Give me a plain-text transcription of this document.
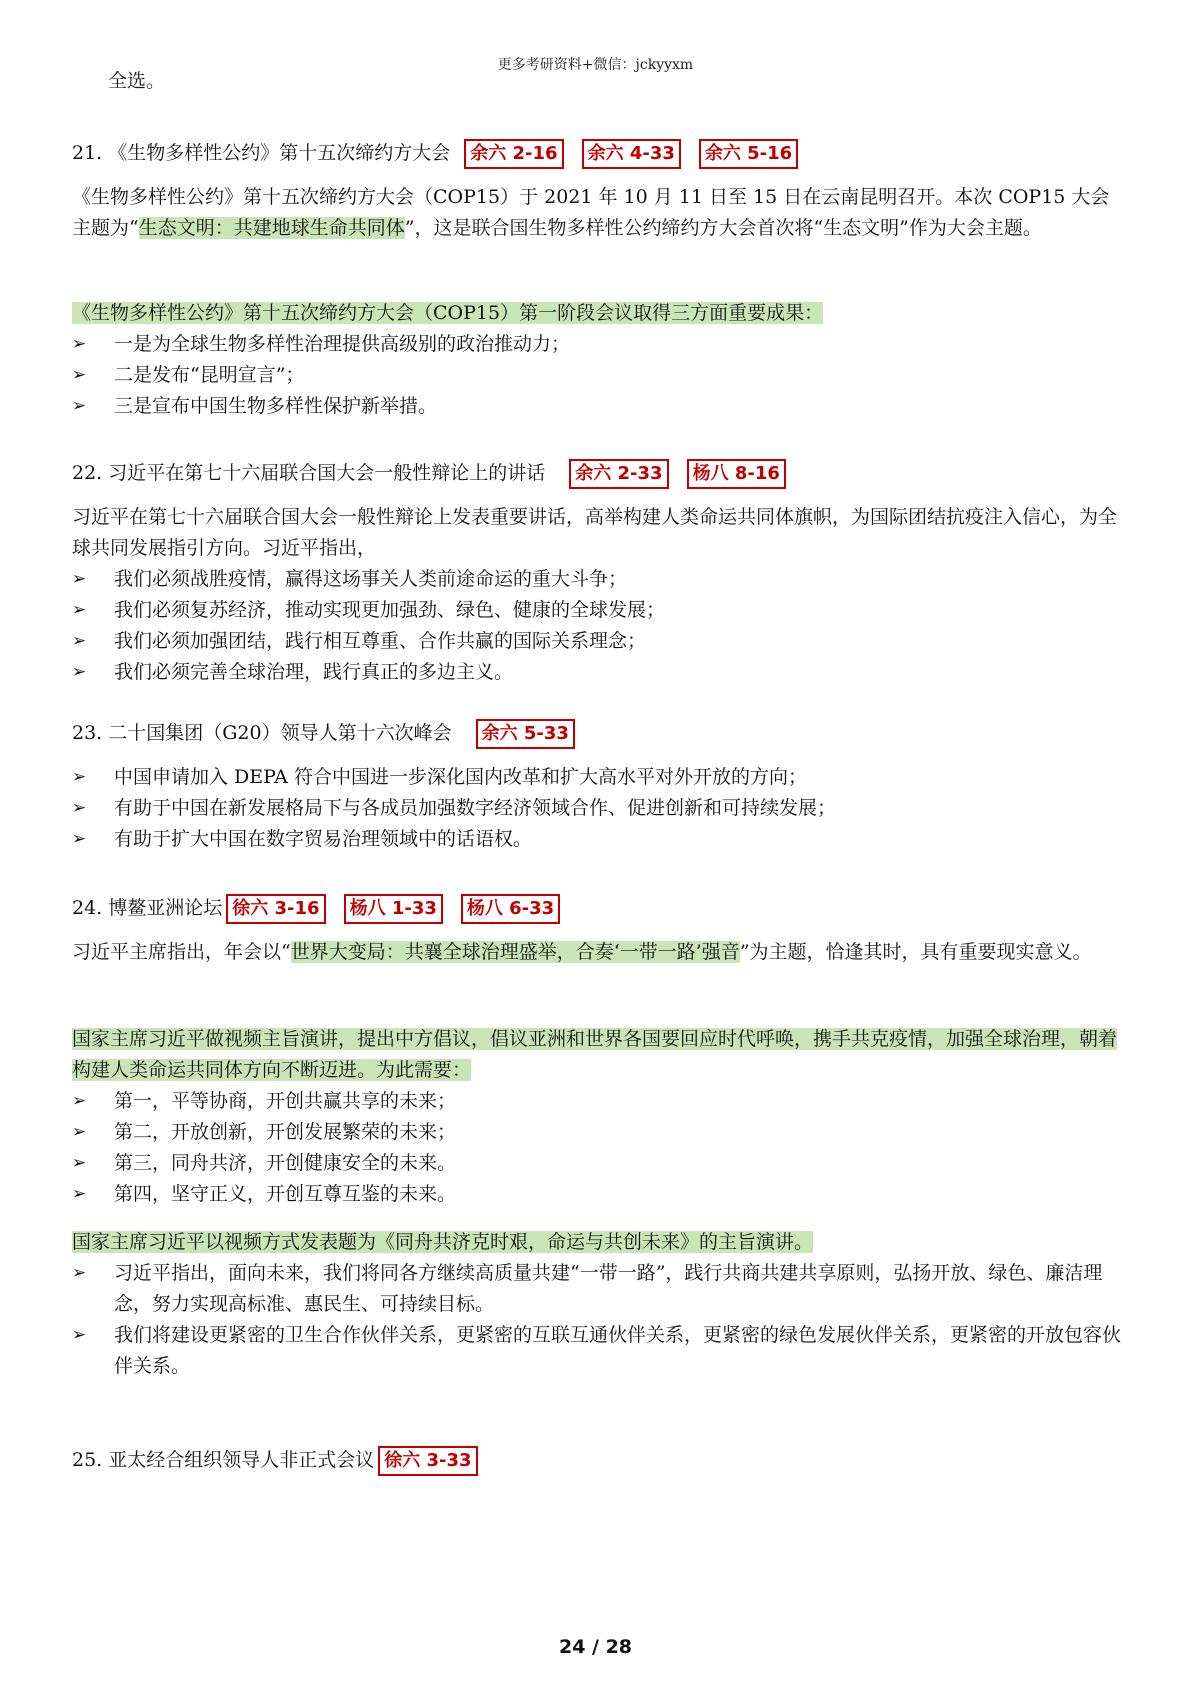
更多考研资料+微信：jckyyxm
全选。
21. 《生物多样性公约》第十五次缔约方大会 余六 2-16 余六 4-33 余六 5-16
《生物多样性公约》第十五次缔约方大会（COP15）于 2021 年 10 月 11 日至 15 日在云南昆明召开。本次 COP15 大会主题为“生态文明：共建地球生命共同体”，这是联合国生物多样性公约缔约方大会首次将“生态文明”作为大会主题。
《生物多样性公约》第十五次缔约方大会（COP15）第一阶段会议取得三方面重要成果：
➢	一是为全球生物多样性治理提供高级别的政治推动力；
➢	二是发布“昆明宣言”；
➢	三是宣布中国生物多样性保护新举措。
22. 习近平在第七十六届联合国大会一般性辩论上的讲话 余六 2-33 杨八 8-16
习近平在第七十六届联合国大会一般性辩论上发表重要讲话，高举构建人类命运共同体旗帜，为国际团结抗疫注入信心，为全球共同发展指引方向。习近平指出，
➢	我们必须战胜疫情，赢得这场事关人类前途命运的重大斗争；
➢	我们必须复苏经济，推动实现更加强劲、绿色、健康的全球发展；
➢	我们必须加强团结，践行相互尊重、合作共赢的国际关系理念；
➢	我们必须完善全球治理，践行真正的多边主义。
23. 二十国集团（G20）领导人第十六次峰会 余六 5-33
➢	中国申请加入 DEPA 符合中国进一步深化国内改革和扩大高水平对外开放的方向；
➢	有助于中国在新发展格局下与各成员加强数字经济领域合作、促进创新和可持续发展；
➢	有助于扩大中国在数字贸易治理领域中的话语权。
24. 博鳌亚洲论坛 徐六 3-16 杨八 1-33 杨八 6-33
习近平主席指出，年会以“世界大变局：共襄全球治理盛举，合奏‘一带一路’强音”为主题，恰逢其时，具有重要现实意义。
国家主席习近平做视频主旨演讲，提出中方倡议，倡议亚洲和世界各国要回应时代呼唤，携手共克疫情，加强全球治理，朝着构建人类命运共同体方向不断迈进。为此需要：
➢	第一，平等协商，开创共赢共享的未来；
➢	第二，开放创新，开创发展繁荣的未来；
➢	第三，同舟共济，开创健康安全的未来。
➢	第四，坚守正义，开创互尊互鉴的未来。
国家主席习近平以视频方式发表题为《同舟共济克时艰，命运与共创未来》的主旨演讲。
➢	习近平指出，面向未来，我们将同各方继续高质量共建“一带一路”，践行共商共建共享原则，弘扬开放、绿色、廉洁理念，努力实现高标准、惠民生、可持续目标。
➢	我们将建设更紧密的卫生合作伙伴关系，更紧密的互联互通伙伴关系，更紧密的绿色发展伙伴关系，更紧密的开放包容伙伴关系。
25. 亚太经合组织领导人非正式会议 徐六 3-33
24 / 28
